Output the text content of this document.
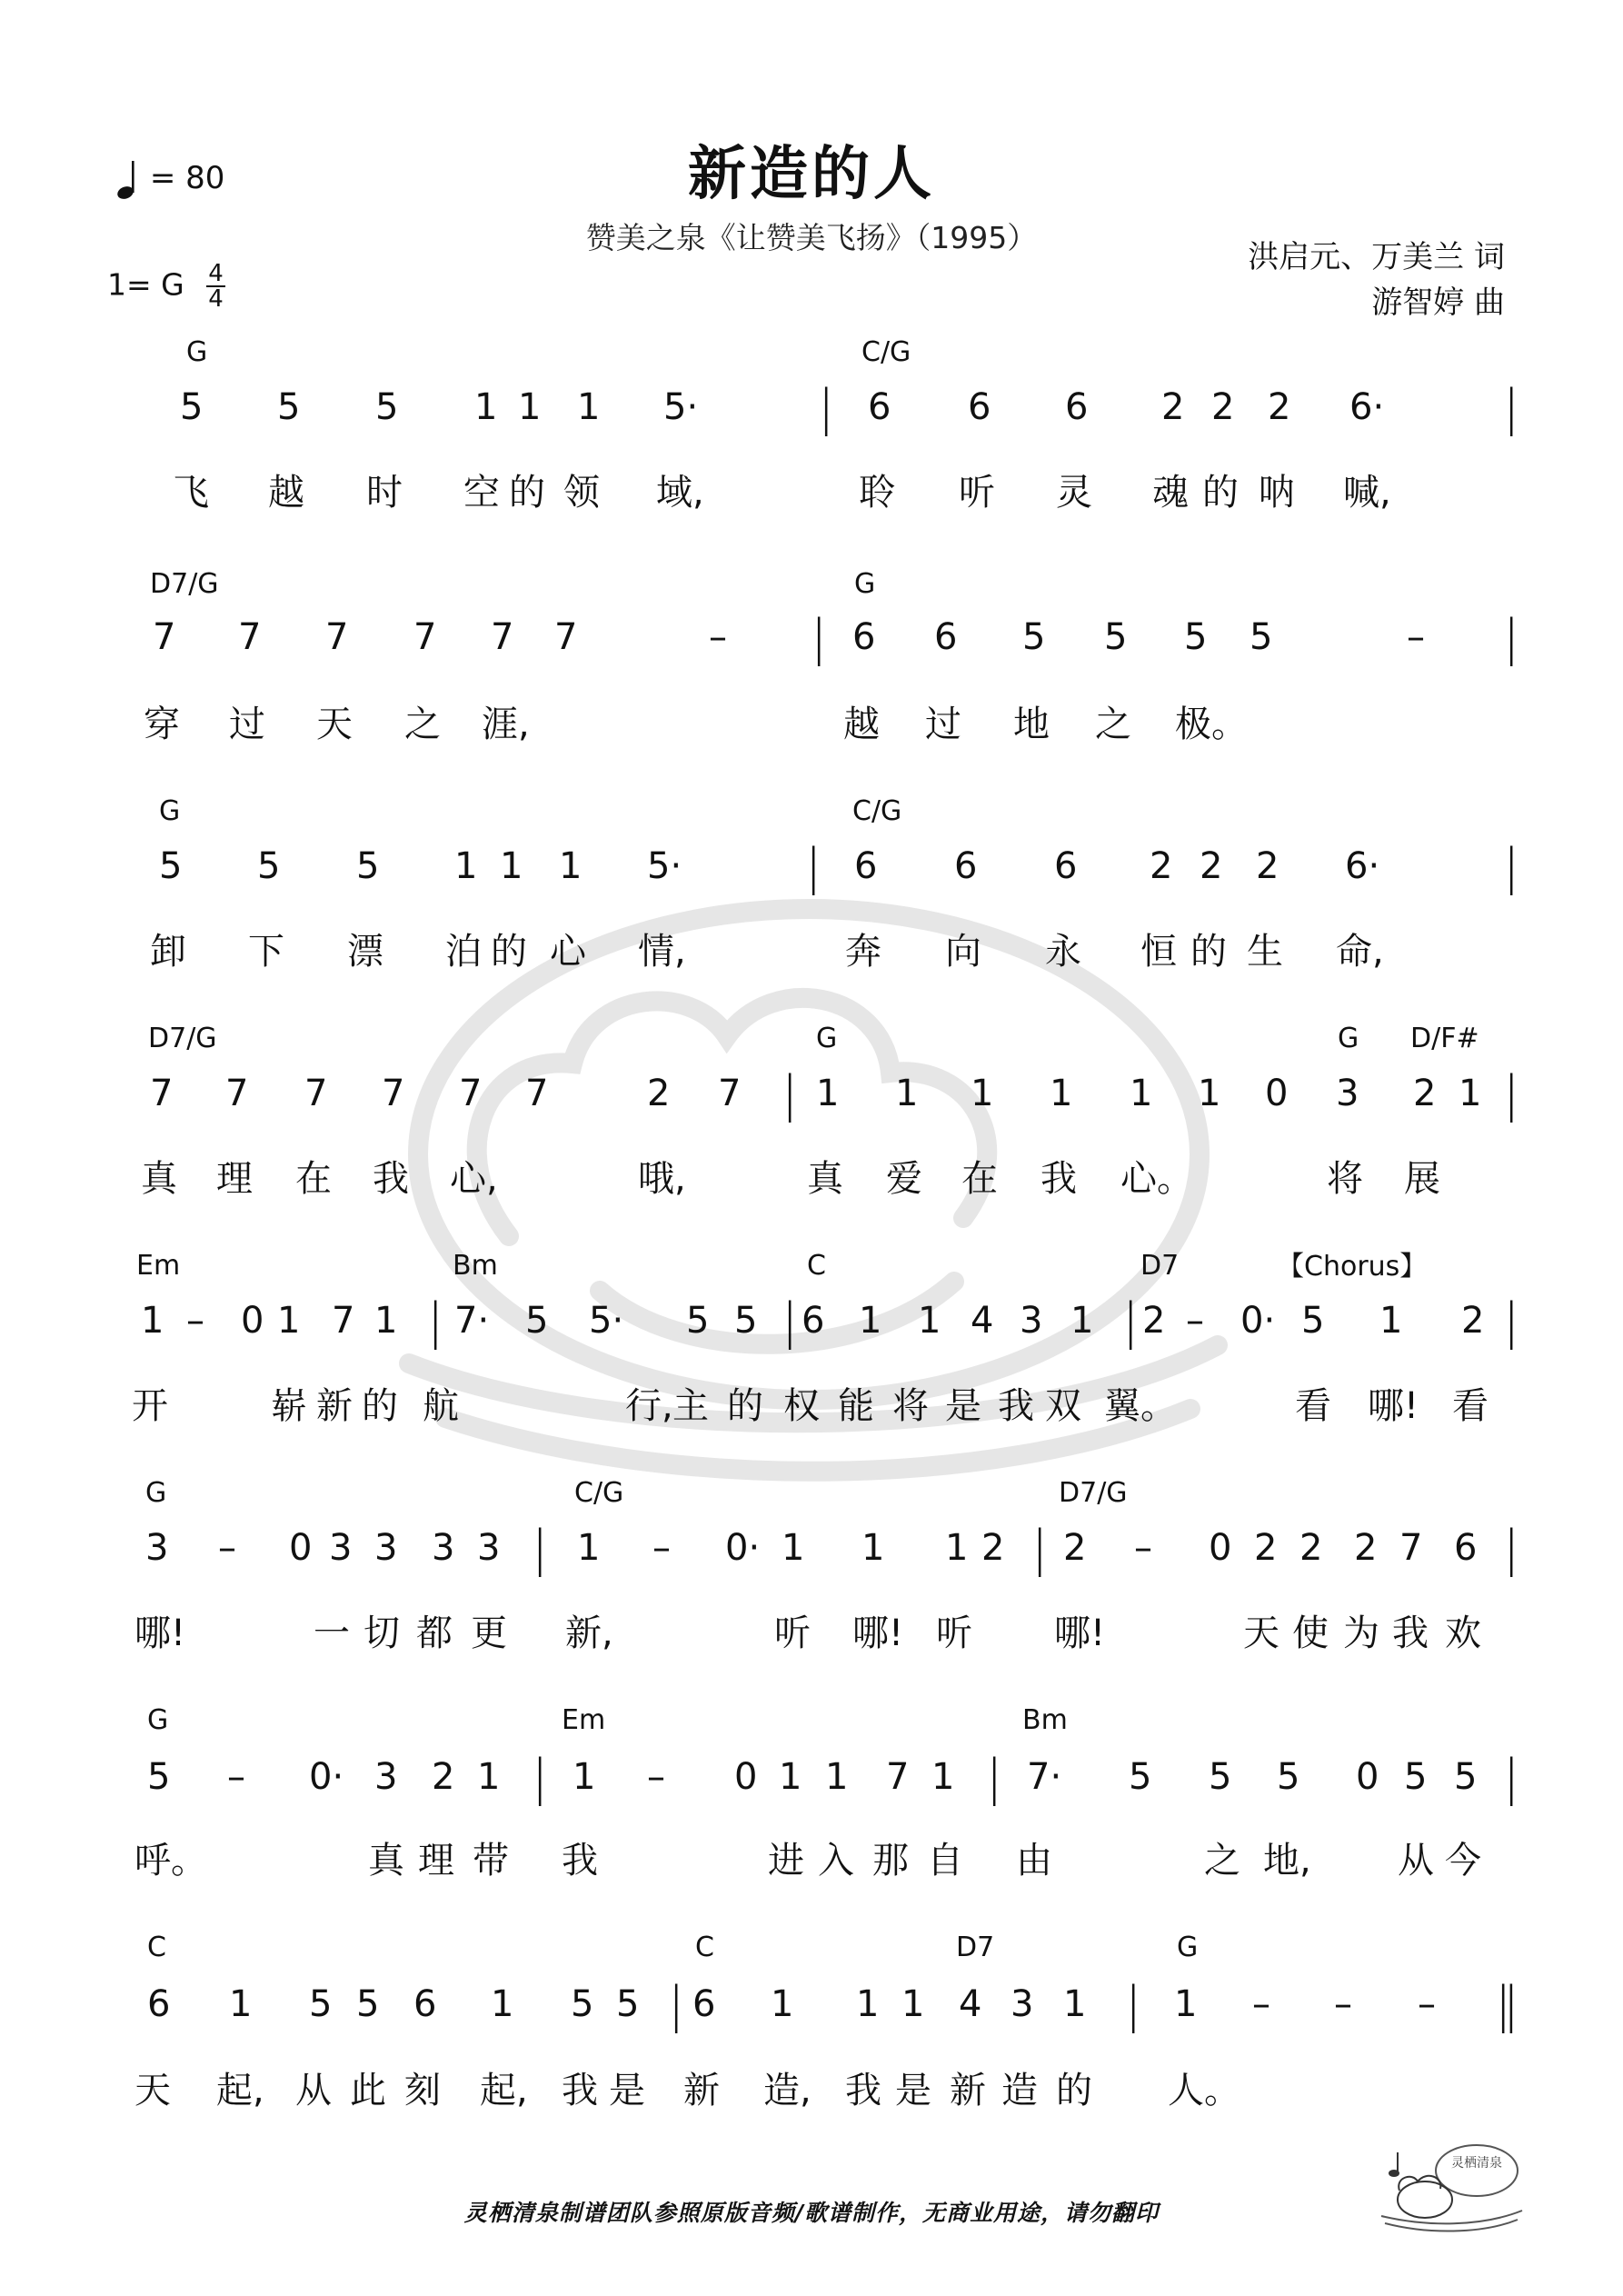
新造的人
赞美之泉《让赞美飞扬》（1995）
= 80
1= G $\frac{4}{4}$
洪启元、万美兰 词
游智婷 曲
G	C/G
5 5 5 1 1 1 5· | 6 6 6 2 2 2 6· |
飞 越 时 空 的 领 域,	聆 听 灵 魂 的 呐 喊,
D7/G	G
7 7 7 7 7 7	– | 6 6 5 5 5 5	– |
穿 过 天 之 涯,	越 过 地 之 极。
G	C/G
5 5 5 1 1 1 5·	| 6 6 6 2 2 2 6·	|
卸 下 漂 泊 的 心 情,	奔 向 永 恒 的 生 命,
D7/G	G	G D/F#
7 7 7 7 7 7	2 7 | 1 1 1 1 1 1 0 3 2 1 |
真 理 在 我 心,	哦,	真 爱 在 我 心。	将 展
Em	Bm	C	D7
1 – 0 1 7 1 | 7· 5 5· 5 5 | 6 1 1 4 3 1 | 2 – 0· 5 1 2 |
开	崭 新 的 航	行, 主 的 权 能 将 是 我 双 翼。	看 哪! 看
G	C/G	D7/G
3 – 0 3 3 3 3 | 1 – 0· 1 1 1 2 | 2 – 0 2 2 2 7 6 |
哪!	一 切 都 更 新,	听 哪! 听 哪!	天 使 为 我 欢
G	Em	Bm
5 – 0· 3 2 1 | 1 – 0 1 1 7 1 | 7· 5 5 5 0 5 5 |
呼。	真 理 带 我	进 入 那 自 由	之 地, 从 今
C	C	D7	G
6 1 5 5 6 1 5 5 | 6 1 1 1 4 3 1 | 1 – – – ‖
天 起, 从 此 刻 起, 我 是 新 造, 我 是 新 造 的 人。
【Chorus】
灵栖清泉制谱团队参照原版音频/歌谱制作，无商业用途，请勿翻印
灵栖清泉
